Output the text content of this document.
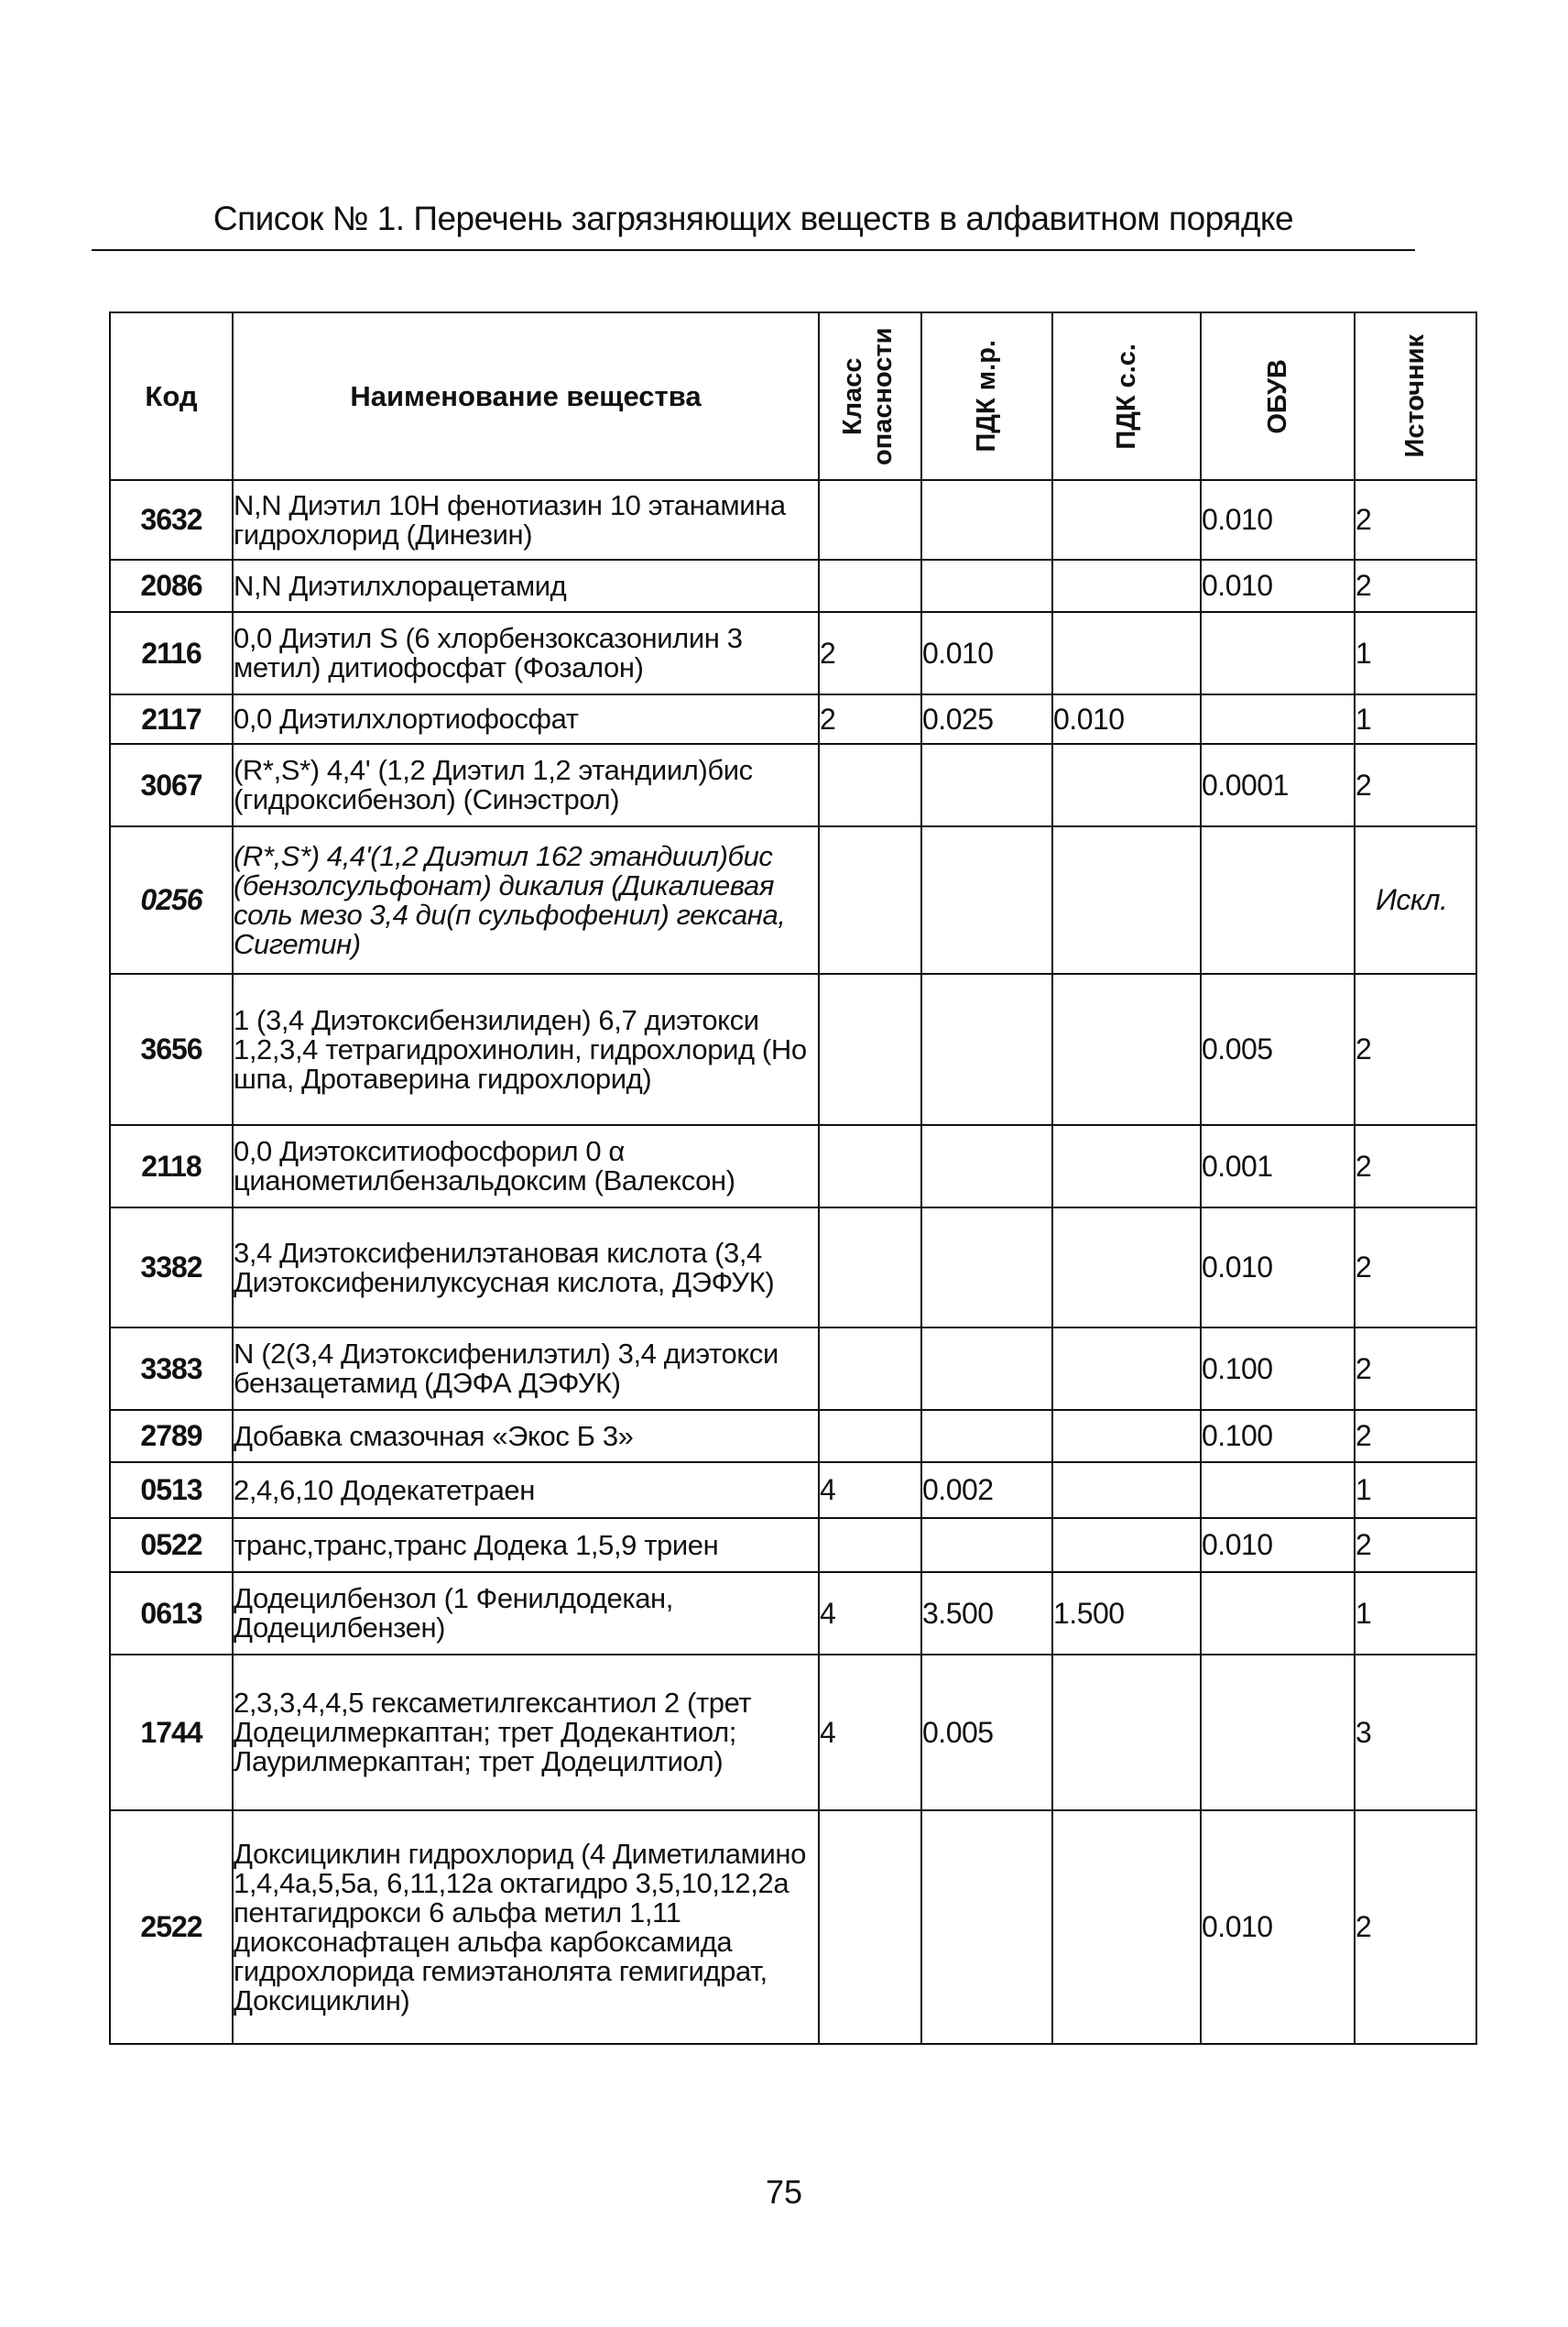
Список № 1. Перечень загрязняющих веществ в алфавитном порядке
Код	Наименование вещества	Класс опасности	ПДК м.р.	ПДК с.с.	ОБУВ	Источник

3632	N,N Диэтил 10Н фенотиазин 10 этанамина гидрохлорид (Динезин)				0.010	2
2086	N,N Диэтилхлорацетамид				0.010	2
2116	0,0 Диэтил S (6 хлорбензоксазонилин 3 метил) дитиофосфат (Фозалон)	2	0.010			1
2117	0,0 Диэтилхлортиофосфат	2	0.025	0.010		1
3067	(R*,S*) 4,4' (1,2 Диэтил 1,2 этандиил)бис (гидроксибензол) (Синэстрол)				0.0001	2
0256	(R*,S*) 4,4'(1,2 Диэтил 162 этандиил)бис (бензолсульфонат) дикалия (Дикалиевая соль мезо 3,4 ди(п сульфофенил) гексана, Сигетин)					Искл.
3656	1 (3,4 Диэтоксибензилиден) 6,7 диэтокси 1,2,3,4 тетрагидрохинолин, гидрохлорид (Но шпа, Дротаверина гидрохлорид)				0.005	2
2118	0,0 Диэтокситиофосфорил 0 α цианометилбензальдоксим (Валексон)				0.001	2
3382	3,4 Диэтоксифенилэтановая кислота (3,4 Диэтоксифенилуксусная кислота, ДЭФУК)				0.010	2
3383	N (2(3,4 Диэтоксифенилэтил) 3,4 диэтокси бензацетамид (ДЭФА ДЭФУК)				0.100	2
2789	Добавка смазочная «Экос Б 3»				0.100	2
0513	2,4,6,10 Додекатетраен	4	0.002			1
0522	транс,транс,транс Додека 1,5,9 триен				0.010	2
0613	Додецилбензол (1 Фенилдодекан, Додецилбензен)	4	3.500	1.500		1
1744	2,3,3,4,4,5 гексаметилгексантиол 2 (трет Додецилмеркаптан; трет Додекантиол; Лаурилмеркаптан; трет Додецилтиол)	4	0.005			3
2522	Доксициклин гидрохлорид (4 Диметиламино 1,4,4а,5,5а, 6,11,12а октагидро 3,5,10,12,2а пентагидрокси 6 альфа метил 1,11 диоксонафтацен альфа карбоксамида гидрохлорида гемиэтанолята гемигидрат, Доксициклин)				0.010	2
75
